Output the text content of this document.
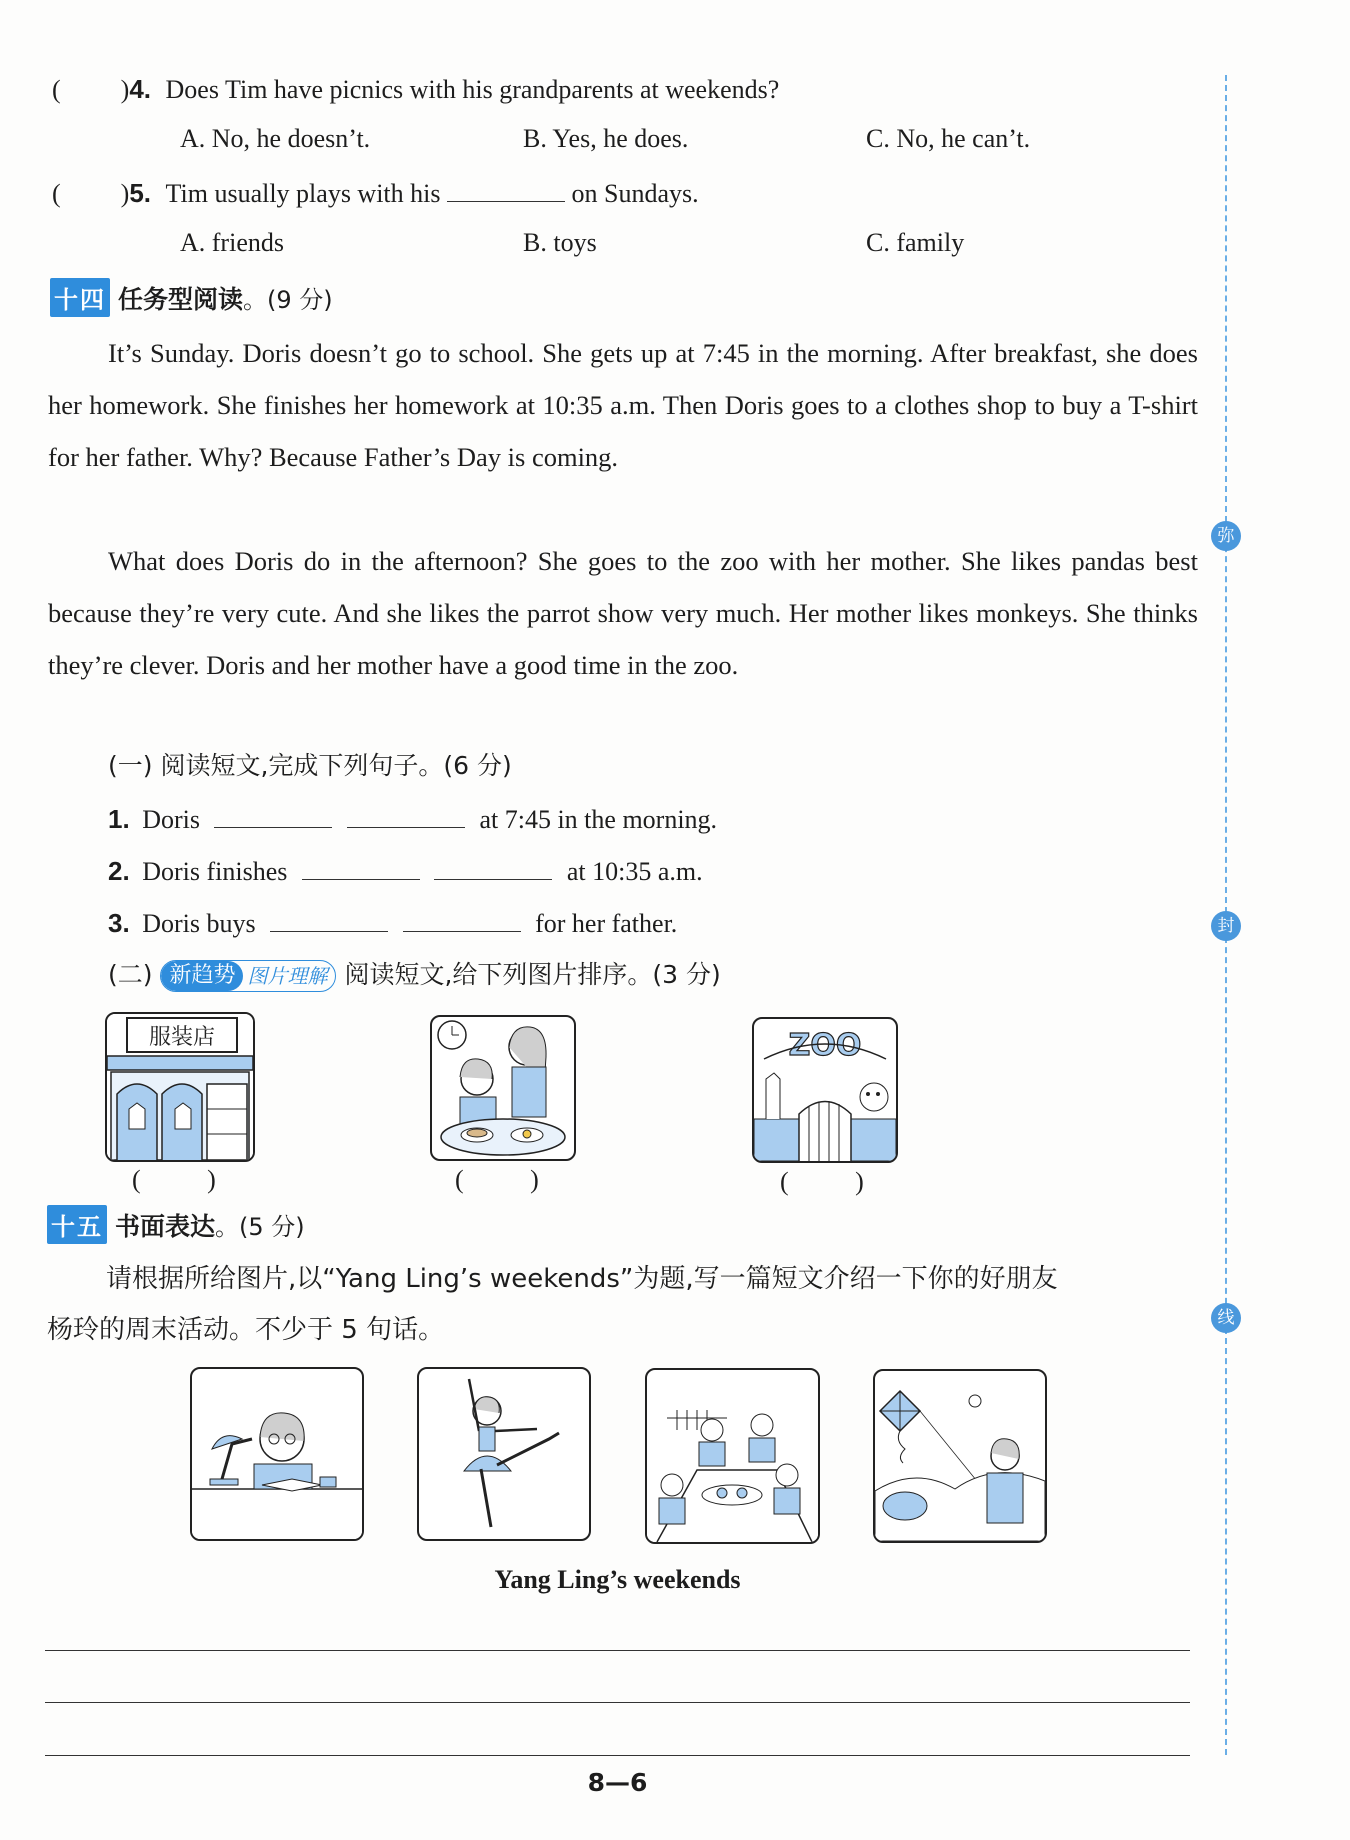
( )4. Does Tim have picnics with his grandparents at weekends?
A. No, he doesn’t.	B. Yes, he does.	C. No, he can’t.
( )5. Tim usually plays with his	on Sundays.
A. friends	B. toys	C. family
十四 任务型阅读 。(9 分)
It’s Sunday. Doris doesn’t go to school. She gets up at 7:45 in the morning. After breakfast, she does her homework. She finishes her homework at 10:35 a.m. Then Doris goes to a clothes shop to buy a T-shirt for her father. Why? Because Father’s Day is coming.
What does Doris do in the afternoon? She goes to the zoo with her mother. She likes pandas best because they’re very cute. And she likes the parrot show very much. Her mother likes monkeys. She thinks they’re clever. Doris and her mother have a good time in the zoo.
(一) 阅读短文,完成下列句子。(6 分)
1. Doris	at 7:45 in the morning.
2. Doris finishes	at 10:35 a.m.
3. Doris buys	for her father.
(二) 新趋势 图片理解 阅读短文,给下列图片排序。(3 分)
服装店
( )	( )
ZOO
( )
十五 书面表达 。(5 分)
请根据所给图片,以“Yang Ling’s weekends”为题,写一篇短文介绍一下你的好朋友
杨玲的周末活动。不少于 5 句话。
Yang Ling’s weekends
8—6
弥
封
线
